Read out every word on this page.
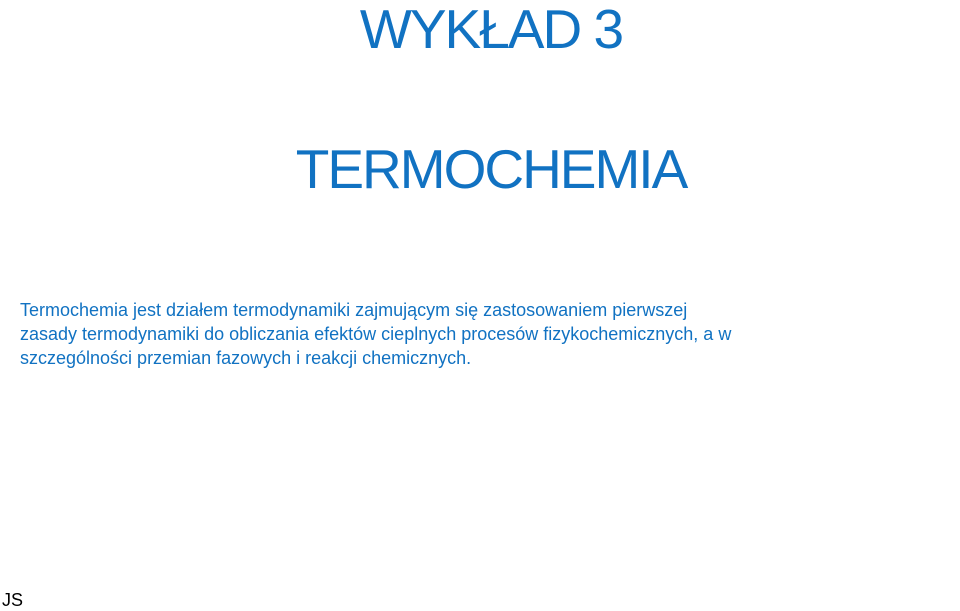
WYKŁAD 3
TERMOCHEMIA

Termochemia jest działem termodynamiki zajmującym się zastosowaniem pierwszej
zasady termodynamiki do obliczania efektów cieplnych procesów fizykochemicznych, a w
szczególności przemian fazowych i reakcji chemicznych.

JS
